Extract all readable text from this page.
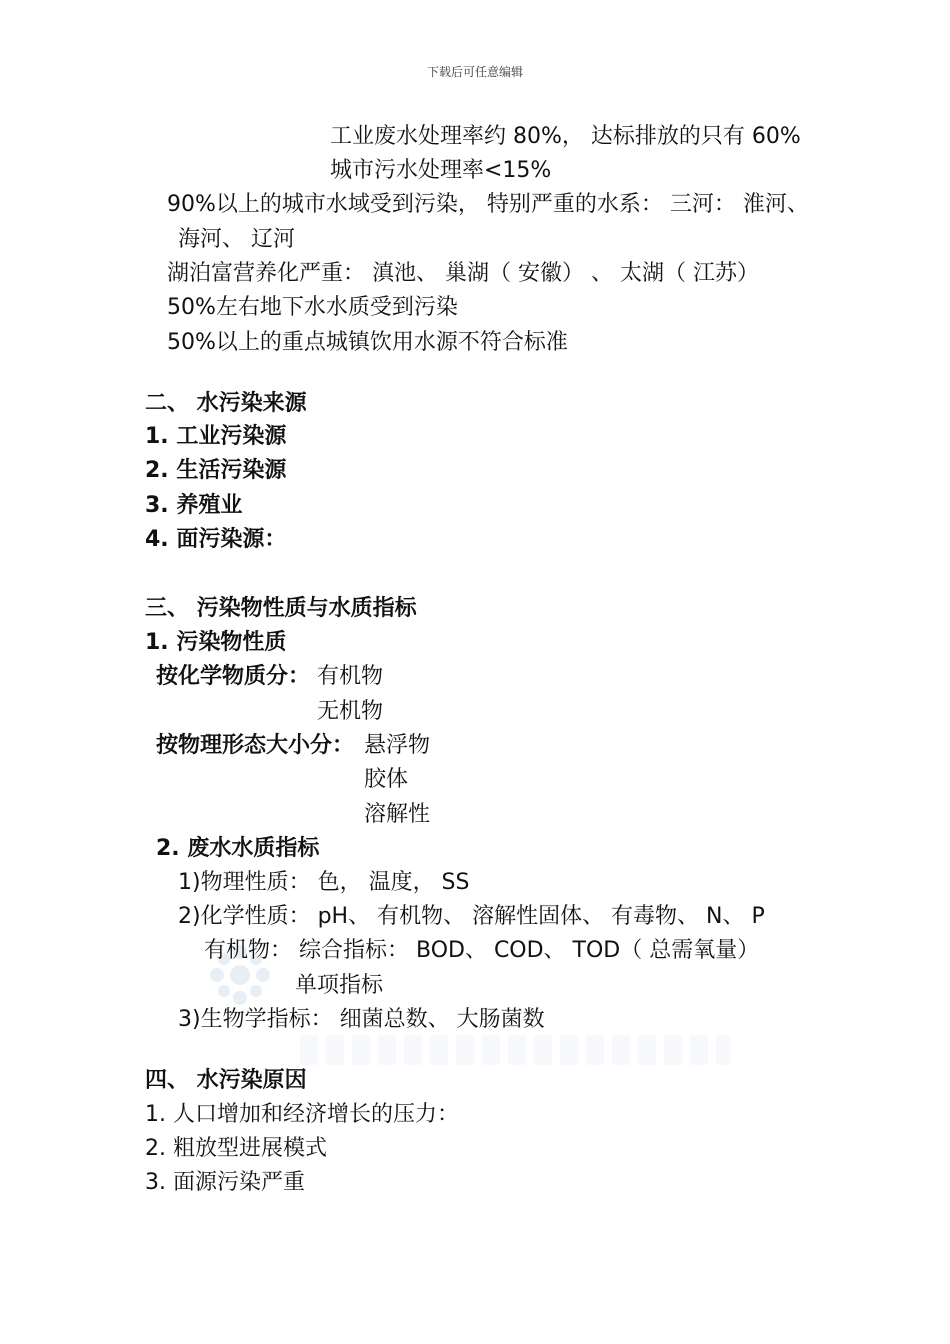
下载后可任意编辑
工业废水处理率约 80%， 达标排放的只有 60%
城市污水处理率<15%
90%以上的城市水域受到污染， 特别严重的水系： 三河： 淮河、
海河、 辽河
湖泊富营养化严重： 滇池、 巢湖（ 安徽） 、 太湖（ 江苏）
50%左右地下水水质受到污染
50%以上的重点城镇饮用水源不符合标准
二、 水污染来源
1. 工业污染源
2. 生活污染源
3. 养殖业
4. 面污染源：
三、 污染物性质与水质指标
1. 污染物性质
按化学物质分： 有机物
无机物
按物理形态大小分： 悬浮物
胶体
溶解性
2. 废水水质指标
1)物理性质： 色， 温度， SS
2)化学性质： pH、 有机物、 溶解性固体、 有毒物、 N、 P
有机物： 综合指标： BOD、 COD、 TOD（ 总需氧量）
单项指标
3)生物学指标： 细菌总数、 大肠菌数
四、 水污染原因
1. 人口增加和经济增长的压力：
2. 粗放型进展模式
3. 面源污染严重
